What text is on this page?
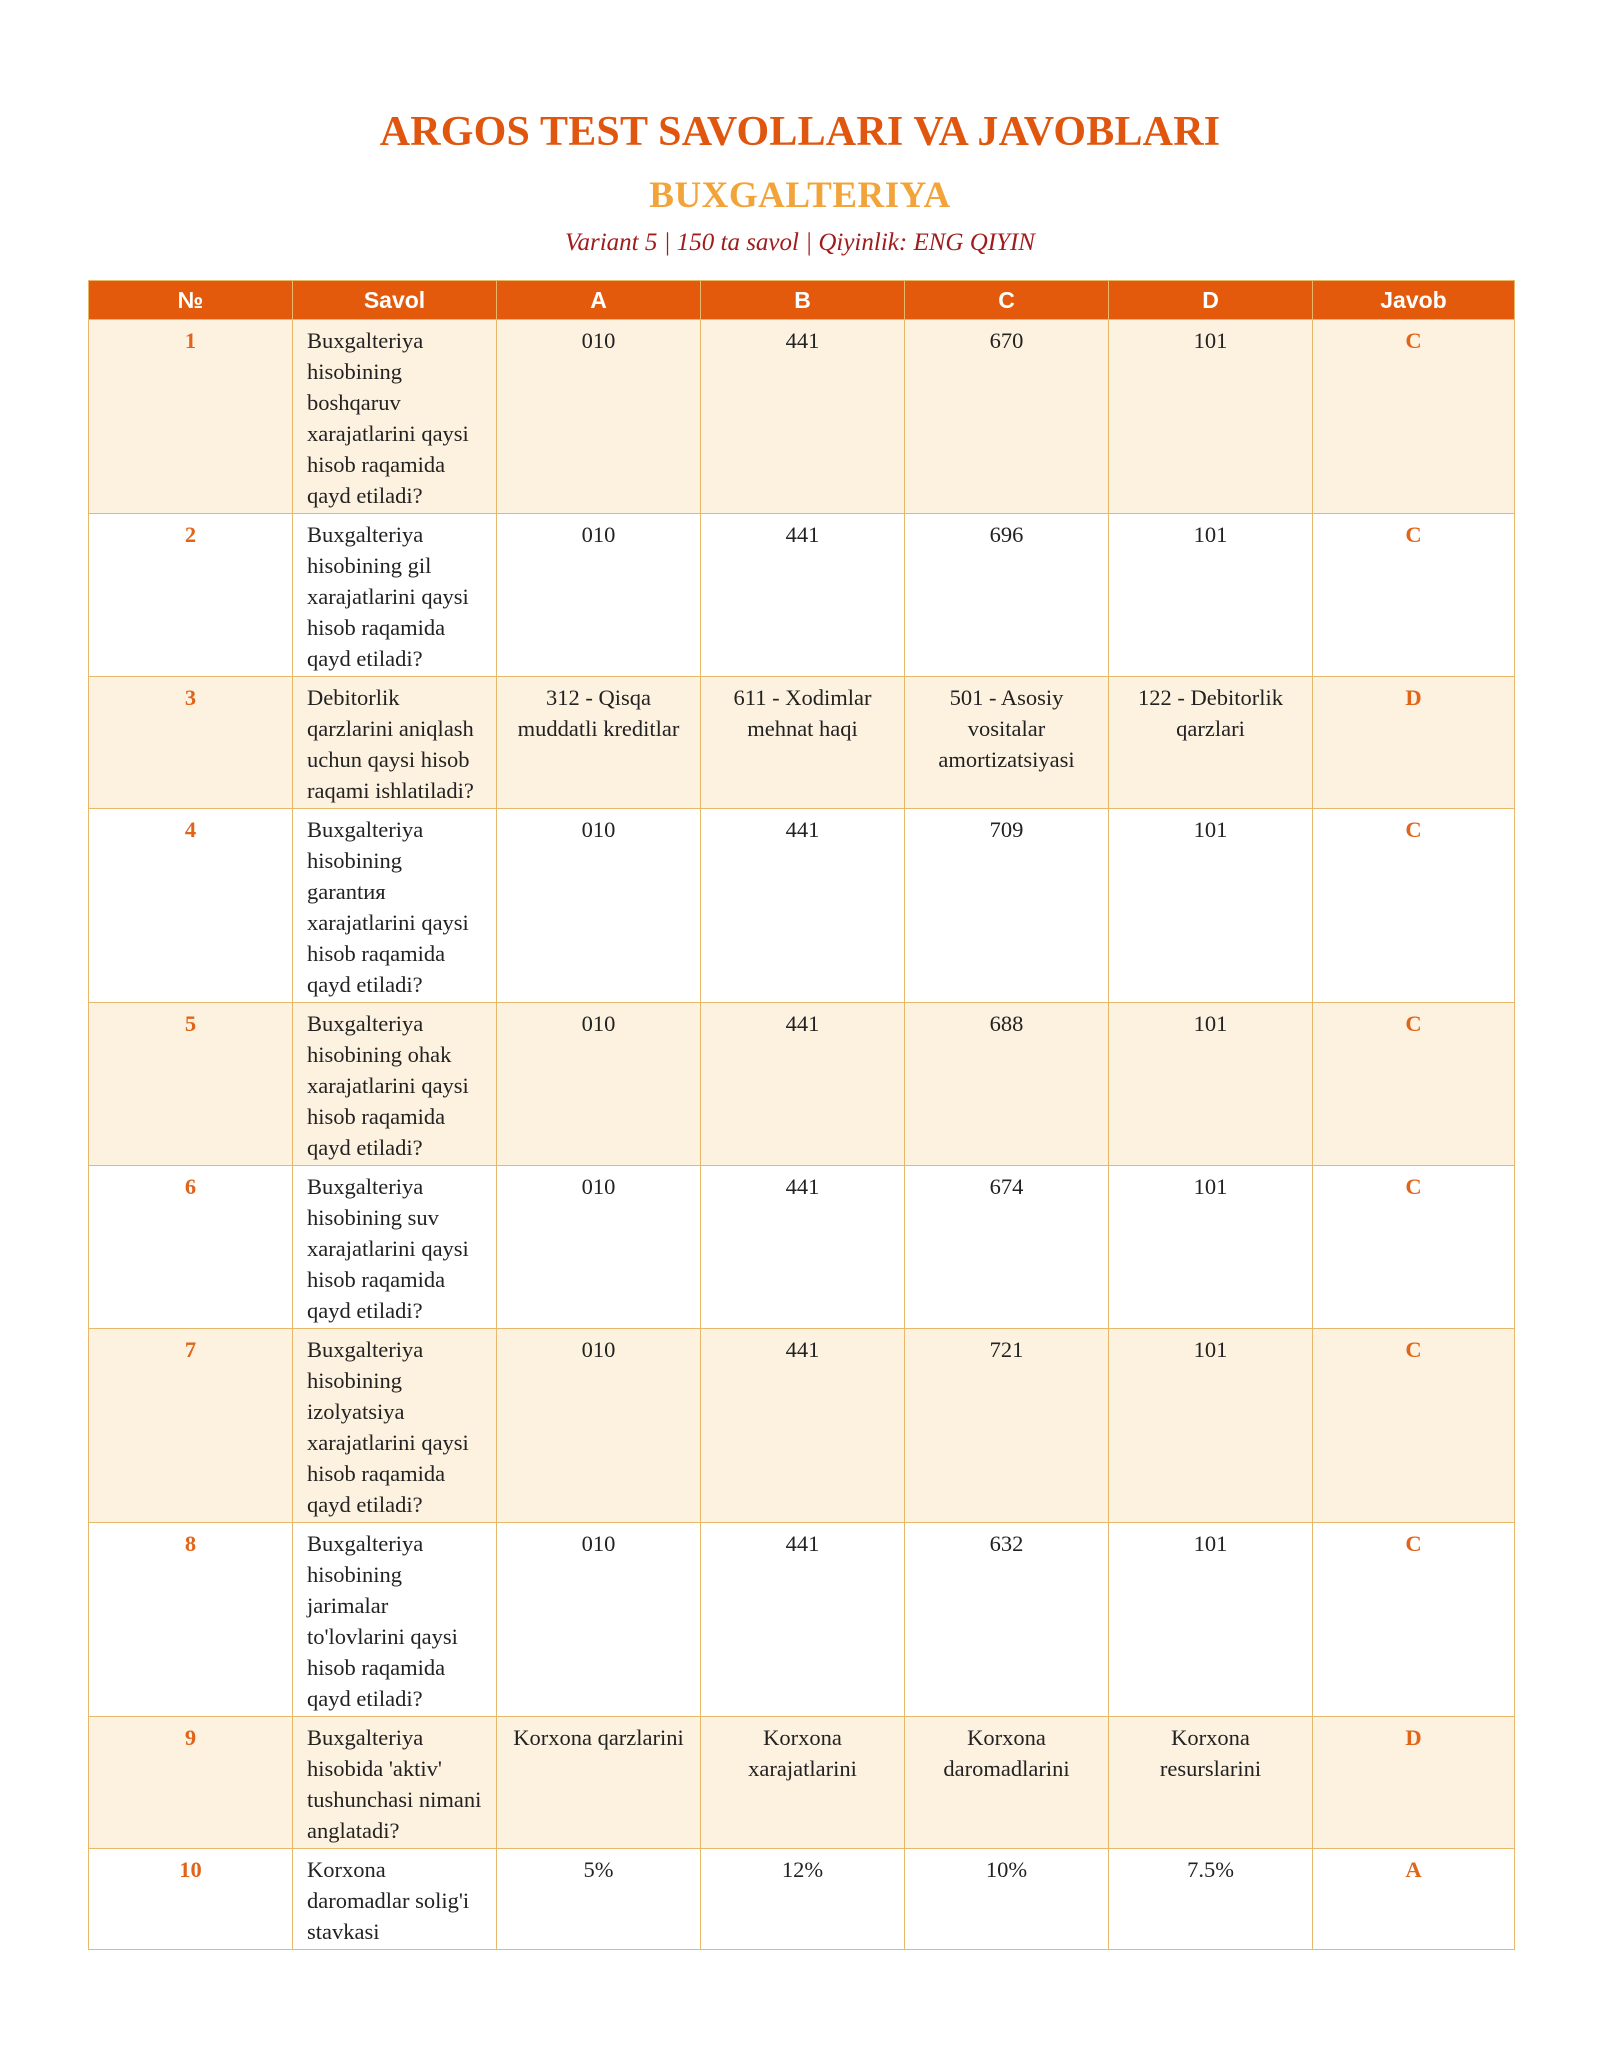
ARGOS TEST SAVOLLARI VA JAVOBLARI
BUXGALTERIYA
Variant 5 | 150 ta savol | Qiyinlik: ENG QIYIN
№	Savol	A	B	C	D	Javob
1	Buxgalteriya hisobining boshqaruv xarajatlarini qaysi hisob raqamida qayd etiladi?	010	441	670	101	C
2	Buxgalteriya hisobining gil xarajatlarini qaysi hisob raqamida qayd etiladi?	010	441	696	101	C
3	Debitorlik qarzlarini aniqlash uchun qaysi hisob raqami ishlatiladi?	312 - Qisqa muddatli kreditlar	611 - Xodimlar mehnat haqi	501 - Asosiy vositalar amortizatsiyasi	122 - Debitorlik qarzlari	D
4	Buxgalteriya hisobining garantия xarajatlarini qaysi hisob raqamida qayd etiladi?	010	441	709	101	C
5	Buxgalteriya hisobining ohak xarajatlarini qaysi hisob raqamida qayd etiladi?	010	441	688	101	C
6	Buxgalteriya hisobining suv xarajatlarini qaysi hisob raqamida qayd etiladi?	010	441	674	101	C
7	Buxgalteriya hisobining izolyatsiya xarajatlarini qaysi hisob raqamida qayd etiladi?	010	441	721	101	C
8	Buxgalteriya hisobining jarimalar to'lovlarini qaysi hisob raqamida qayd etiladi?	010	441	632	101	C
9	Buxgalteriya hisobida 'aktiv' tushunchasi nimani anglatadi?	Korxona qarzlarini	Korxona xarajatlarini	Korxona daromadlarini	Korxona resurslarini	D
10	Korxona daromadlar solig'i stavkasi	5%	12%	10%	7.5%	A
